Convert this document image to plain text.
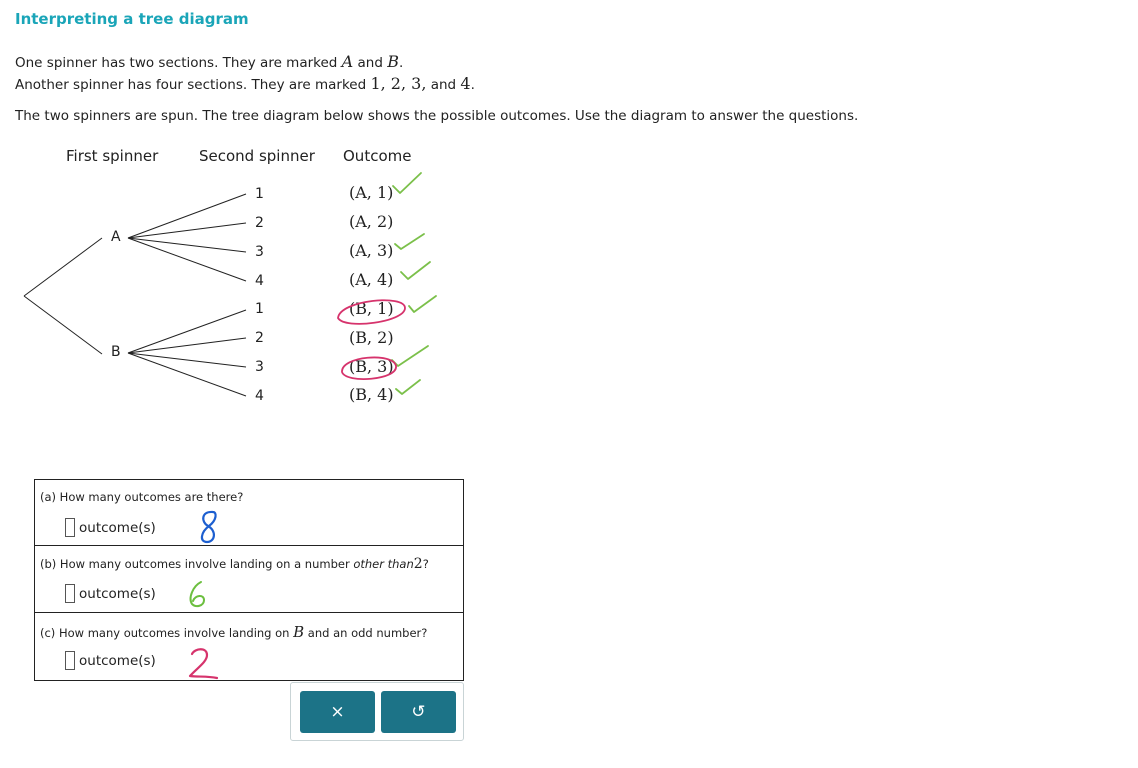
Interpreting a tree diagram
One spinner has two sections. They are marked A and B.
Another spinner has four sections. They are marked 1, 2, 3, and 4.
The two spinners are spun. The tree diagram below shows the possible outcomes. Use the diagram to answer the questions.
First spinner	Second spinner Outcome
A
B
1
2
3
4
1
2
3
4
(A, 1)
(A, 2)
(A, 3)
(A, 4)
(B, 1)
(B, 2)
(B, 3)
(B, 4)
(a) How many outcomes are there?
outcome(s)
(b) How many outcomes involve landing on a number other than2?
outcome(s)
(c) How many outcomes involve landing on B and an odd number?
outcome(s)
×	↺
